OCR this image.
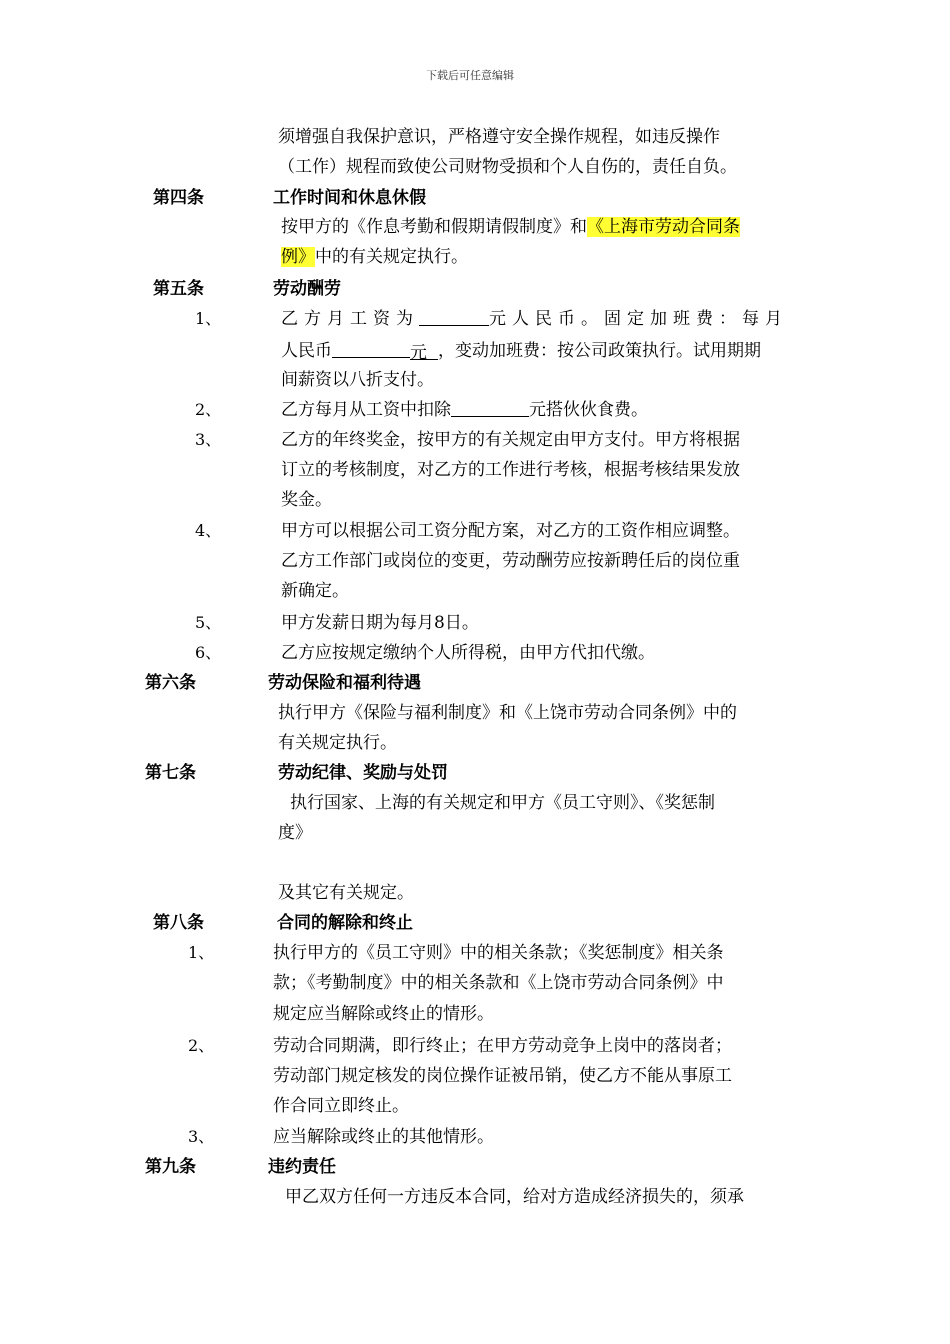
下载后可任意编辑
须增强自我保护意识，严格遵守安全操作规程，如违反操作
（工作）规程而致使公司财物受损和个人自伤的，责任自负。
第四条	工作时间和休息休假
按甲方的《作息考勤和假期请假制度》和《上海市劳动合同条
例》中的有关规定执行。
第五条	劳动酬劳
1、	乙方月工资为	元人民币。固定加班费：每月
人民币	元 ，变动加班费：按公司政策执行。试用期期
间薪资以八折支付。
2、	乙方每月从工资中扣除	元搭伙伙食费。
3、	乙方的年终奖金，按甲方的有关规定由甲方支付。甲方将根据
订立的考核制度，对乙方的工作进行考核，根据考核结果发放
奖金。
4、	甲方可以根据公司工资分配方案，对乙方的工资作相应调整。
乙方工作部门或岗位的变更，劳动酬劳应按新聘任后的岗位重
新确定。
5、	甲方发薪日期为每月8日。
6、	乙方应按规定缴纳个人所得税，由甲方代扣代缴。
第六条	劳动保险和福利待遇
执行甲方《保险与福利制度》和《上饶市劳动合同条例》中的
有关规定执行。
第七条	劳动纪律、奖励与处罚
执行国家、上海的有关规定和甲方《员工守则》、《奖惩制
度》
及其它有关规定。
第八条	合同的解除和终止
1、	执行甲方的《员工守则》中的相关条款；《奖惩制度》相关条
款；《考勤制度》中的相关条款和《上饶市劳动合同条例》中
规定应当解除或终止的情形。
2、	劳动合同期满，即行终止；在甲方劳动竞争上岗中的落岗者；
劳动部门规定核发的岗位操作证被吊销，使乙方不能从事原工
作合同立即终止。
3、	应当解除或终止的其他情形。
第九条	违约责任
甲乙双方任何一方违反本合同，给对方造成经济损失的，须承
